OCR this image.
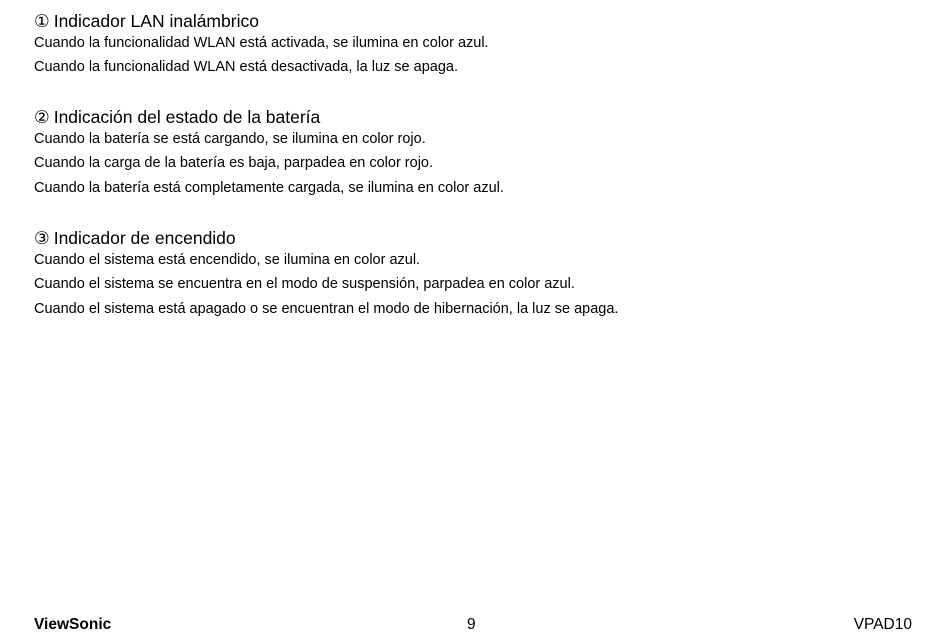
① Indicador LAN inalámbrico

Cuando la funcionalidad WLAN está activada, se ilumina en color azul.

Cuando la funcionalidad WLAN está desactivada, la luz se apaga.

② Indicación del estado de la batería

Cuando la batería se está cargando, se ilumina en color rojo.

Cuando la carga de la batería es baja, parpadea en color rojo.

Cuando la batería está completamente cargada, se ilumina en color azul.

③ Indicador de encendido

Cuando el sistema está encendido, se ilumina en color azul.

Cuando el sistema se encuentra en el modo de suspensión, parpadea en color azul.

Cuando el sistema está apagado o se encuentran el modo de hibernación, la luz se apaga.

ViewSonic	9	VPAD10
